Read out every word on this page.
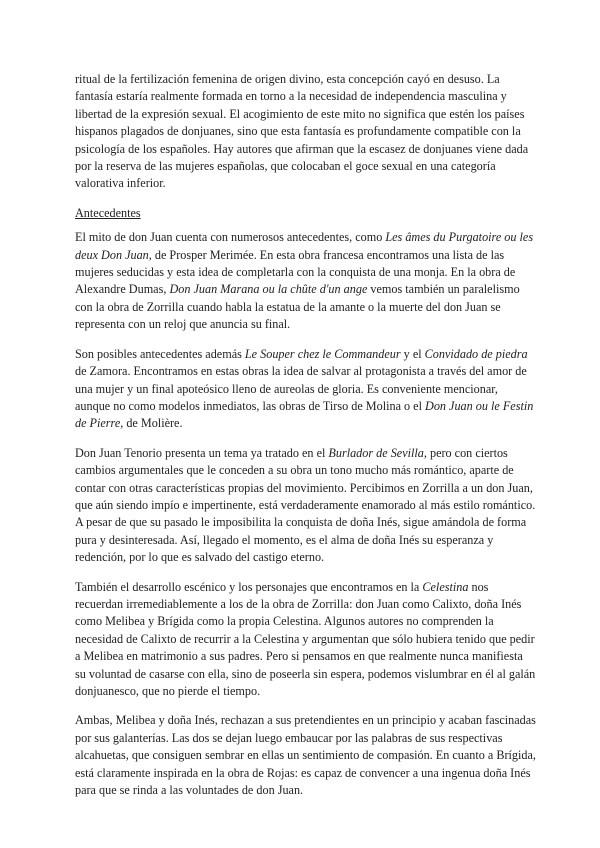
ritual de la fertilización femenina de origen divino, esta concepción cayó en desuso. La fantasía estaría realmente formada en torno a la necesidad de independencia masculina y libertad de la expresión sexual. El acogimiento de este mito no significa que estén los países hispanos plagados de donjuanes, sino que esta fantasía es profundamente compatible con la psicología de los españoles. Hay autores que afirman que la escasez de donjuanes viene dada por la reserva de las mujeres españolas, que colocaban el goce sexual en una categoría valorativa inferior.

Antecedentes

El mito de don Juan cuenta con numerosos antecedentes, como Les âmes du Purgatoire ou les deux Don Juan, de Prosper Merimée. En esta obra francesa encontramos una lista de las mujeres seducidas y esta idea de completarla con la conquista de una monja. En la obra de Alexandre Dumas, Don Juan Marana ou la chûte d'un ange vemos también un paralelismo con la obra de Zorrilla cuando habla la estatua de la amante o la muerte del don Juan se representa con un reloj que anuncia su final.

Son posibles antecedentes además Le Souper chez le Commandeur y el Convidado de piedra de Zamora. Encontramos en estas obras la idea de salvar al protagonista a través del amor de una mujer y un final apoteósico lleno de aureolas de gloria. Es conveniente mencionar, aunque no como modelos inmediatos, las obras de Tirso de Molina o el Don Juan ou le Festin de Pierre, de Molière.

Don Juan Tenorio presenta un tema ya tratado en el Burlador de Sevilla, pero con ciertos cambios argumentales que le conceden a su obra un tono mucho más romántico, aparte de contar con otras características propias del movimiento. Percibimos en Zorrilla a un don Juan, que aún siendo impío e impertinente, está verdaderamente enamorado al más estilo romántico. A pesar de que su pasado le imposibilita la conquista de doña Inés, sigue amándola de forma pura y desinteresada. Así, llegado el momento, es el alma de doña Inés su esperanza y redención, por lo que es salvado del castigo eterno.

También el desarrollo escénico y los personajes que encontramos en la Celestina nos recuerdan irremediablemente a los de la obra de Zorrilla: don Juan como Calixto, doña Inés como Melibea y Brígida como la propia Celestina. Algunos autores no comprenden la necesidad de Calixto de recurrir a la Celestina y argumentan que sólo hubiera tenido que pedir a Melibea en matrimonio a sus padres. Pero si pensamos en que realmente nunca manifiesta su voluntad de casarse con ella, sino de poseerla sin espera, podemos vislumbrar en él al galán donjuanesco, que no pierde el tiempo.

Ambas, Melibea y doña Inés, rechazan a sus pretendientes en un principio y acaban fascinadas por sus galanterías. Las dos se dejan luego embaucar por las palabras de sus respectivas alcahuetas, que consiguen sembrar en ellas un sentimiento de compasión. En cuanto a Brígida, está claramente inspirada en la obra de Rojas: es capaz de convencer a una ingenua doña Inés para que se rinda a las voluntades de don Juan.
